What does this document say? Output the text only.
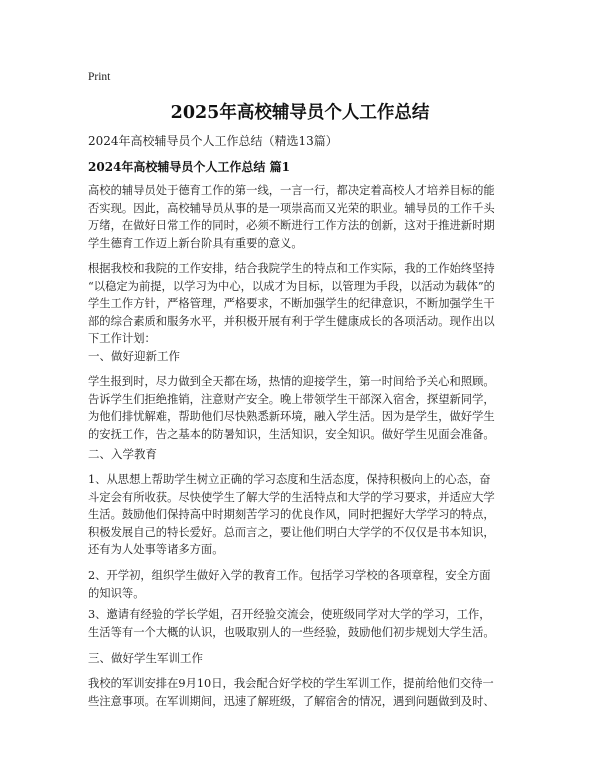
Print
2025年高校辅导员个人工作总结
2024年高校辅导员个人工作总结（精选13篇）
2024年高校辅导员个人工作总结 篇1
高校的辅导员处于德育工作的第一线，一言一行，都决定着高校人才培养目标的能
否实现。因此，高校辅导员从事的是一项崇高而又光荣的职业。辅导员的工作千头
万绪，在做好日常工作的同时，必须不断进行工作方法的创新，这对于推进新时期
学生德育工作迈上新台阶具有重要的意义。
根据我校和我院的工作安排，结合我院学生的特点和工作实际，我的工作始终坚持
“以稳定为前提，以学习为中心，以成才为目标，以管理为手段，以活动为载体”的
学生工作方针，严格管理，严格要求，不断加强学生的纪律意识，不断加强学生干
部的综合素质和服务水平，并积极开展有利于学生健康成长的各项活动。现作出以
下工作计划：
一、做好迎新工作
学生报到时，尽力做到全天都在场，热情的迎接学生，第一时间给予关心和照顾。
告诉学生们拒绝推销，注意财产安全。晚上带领学生干部深入宿舍，探望新同学，
为他们排忧解难，帮助他们尽快熟悉新环境，融入学生活。因为是学生，做好学生
的安抚工作，告之基本的防暑知识，生活知识，安全知识。做好学生见面会准备。
二、入学教育
1、从思想上帮助学生树立正确的学习态度和生活态度，保持积极向上的心态，奋
斗定会有所收获。尽快使学生了解大学的生活特点和大学的学习要求，并适应大学
生活。鼓励他们保持高中时期刻苦学习的优良作风，同时把握好大学学习的特点，
积极发展自己的特长爱好。总而言之，要让他们明白大学学的不仅仅是书本知识，
还有为人处事等诸多方面。
2、开学初，组织学生做好入学的教育工作。包括学习学校的各项章程，安全方面
的知识等。
3、邀请有经验的学长学姐，召开经验交流会，使班级同学对大学的学习，工作，
生活等有一个大概的认识，也吸取别人的一些经验，鼓励他们初步规划大学生活。
三、做好学生军训工作
我校的军训安排在9月10日，我会配合好学校的学生军训工作，提前给他们交待一
些注意事项。在军训期间，迅速了解班级，了解宿舍的情况，遇到问题做到及时、
